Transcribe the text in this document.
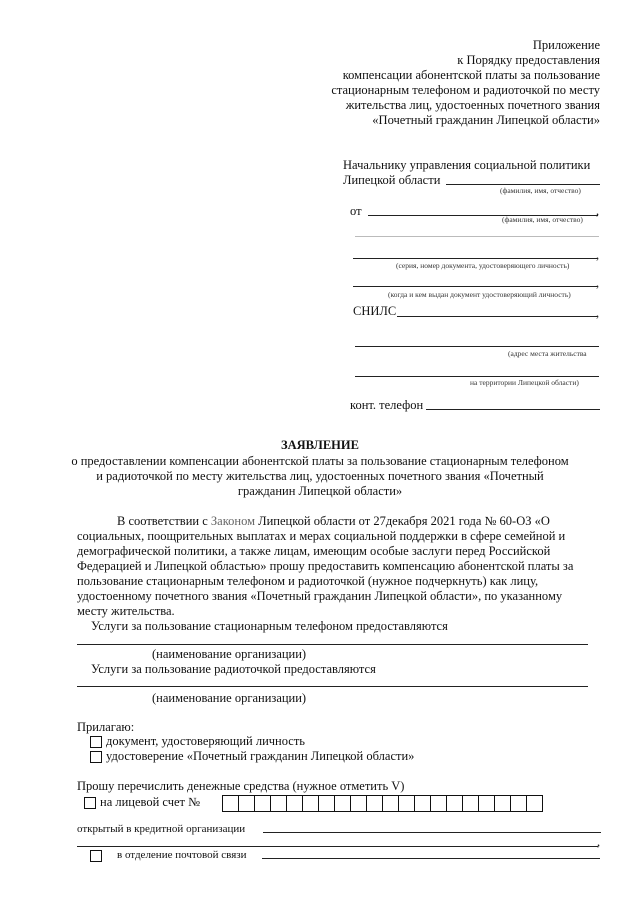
Приложение
к Порядку предоставления
компенсации абонентской платы за пользование
стационарным телефоном и радиоточкой по месту
жительства лиц, удостоенных почетного звания
«Почетный гражданин Липецкой области»
Начальнику управления социальной политики
Липецкой области
(фамилия, имя, отчество)
от	,
(фамилия, имя, отчество)
,
(серия, номер документа, удостоверяющего личность)
,
(когда и кем выдан документ удостоверяющий личность)
СНИЛС	,
(адрес места жительства
на территории Липецкой области)
конт. телефон
ЗАЯВЛЕНИЕ
о предоставлении компенсации абонентской платы за пользование стационарным телефоном
и радиоточкой по месту жительства лиц, удостоенных почетного звания «Почетный
гражданин Липецкой области»
В соответствии с Законом Липецкой области от 27декабря 2021 года № 60-ОЗ «О
социальных, поощрительных выплатах и мерах социальной поддержки в сфере семейной и
демографической политики, а также лицам, имеющим особые заслуги перед Российской
Федерацией и Липецкой областью» прошу предоставить компенсацию абонентской платы за
пользование стационарным телефоном и радиоточкой (нужное подчеркнуть) как лицу,
удостоенному почетного звания «Почетный гражданин Липецкой области», по указанному
месту жительства.
Услуги за пользование стационарным телефоном предоставляются
(наименование организации)
Услуги за пользование радиоточкой предоставляются
(наименование организации)
Прилагаю:
документ, удостоверяющий личность
удостоверение «Почетный гражданин Липецкой области»
Прошу перечислить денежные средства (нужное отметить V)
на лицевой счет №
открытый в кредитной организации
,
в отделение почтовой связи
